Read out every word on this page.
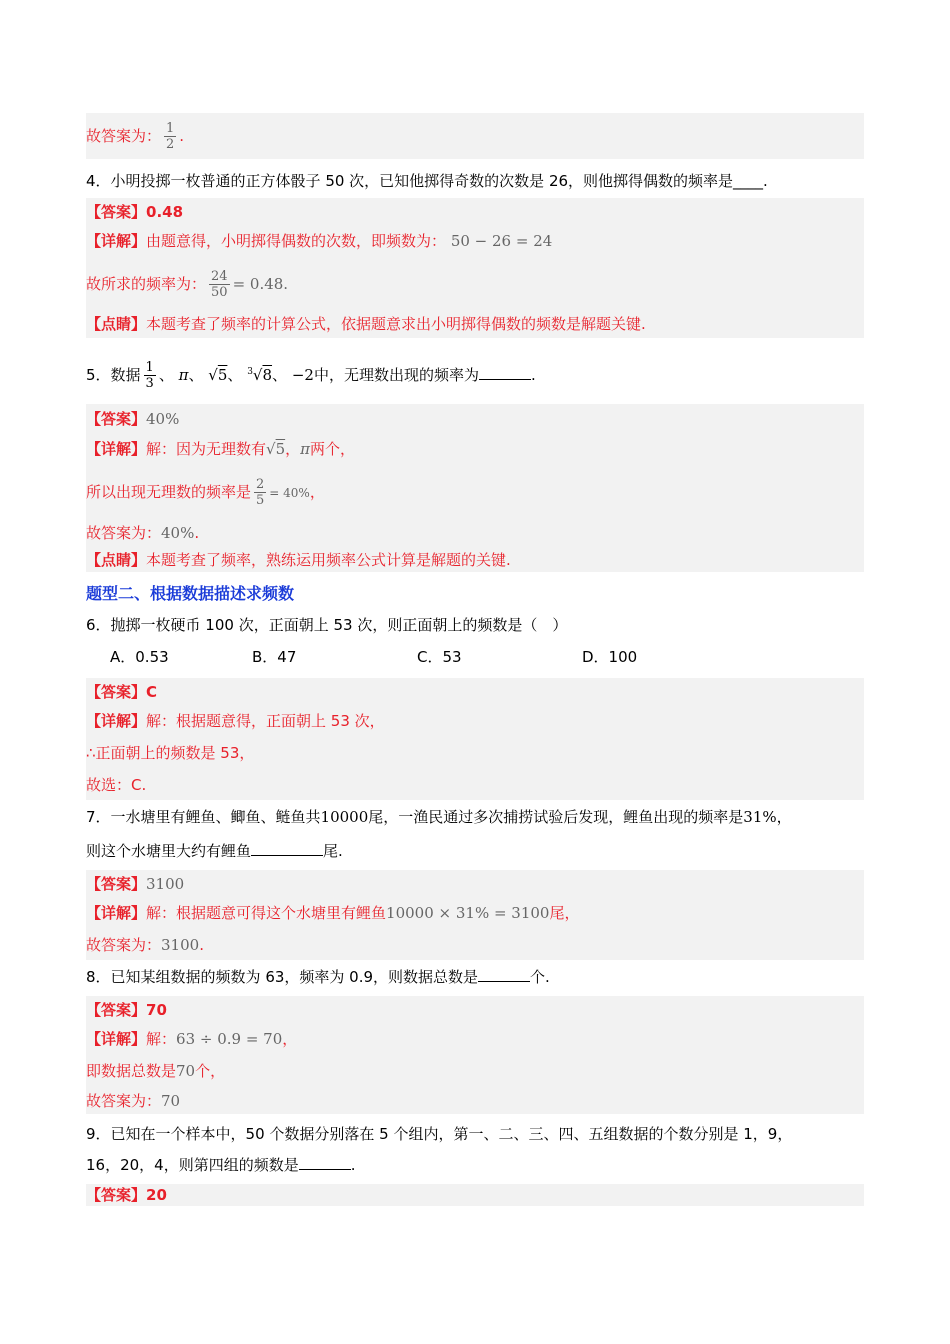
故答案为： $\frac{1}{2}$ .
4．小明投掷一枚普通的正方体骰子 50 次，已知他掷得奇数的次数是 26，则他掷得偶数的频率是____.
【答案】0.48
【详解】由题意得，小明掷得偶数的次数，即频数为： 50 − 26 = 24
故所求的频率为： $\frac{24}{50} = 0.48$.
【点睛】本题考查了频率的计算公式，依据题意求出小明掷得偶数的频数是解题关键.
5．数据 $\frac{1}{3}$ 、 π、 √5、 $^3$√8、 −2中，无理数出现的频率为	.
【答案】40%
【详解】解：因为无理数有√5，π两个，
所以出现无理数的频率是 $\frac{2}{5} = 40\%$，
故答案为：40%.
【点睛】本题考查了频率，熟练运用频率公式计算是解题的关键.
题型二、根据数据描述求频数
6．抛掷一枚硬币 100 次，正面朝上 53 次，则正面朝上的频数是（　）
A．0.53	B．47	C．53	D．100
【答案】C
【详解】解：根据题意得，正面朝上 53 次，
∴正面朝上的频数是 53，
故选：C.
7．一水塘里有鲤鱼、鲫鱼、鲢鱼共10000尾，一渔民通过多次捕捞试验后发现，鲤鱼出现的频率是31%，
则这个水塘里大约有鲤鱼	尾.
【答案】3100
【详解】解：根据题意可得这个水塘里有鲤鱼10000 × 31% = 3100尾，
故答案为：3100.
8．已知某组数据的频数为 63，频率为 0.9，则数据总数是	个.
【答案】70
【详解】解：63 ÷ 0.9 = 70，
即数据总数是70个，
故答案为：70
9．已知在一个样本中，50 个数据分别落在 5 个组内，第一、二、三、四、五组数据的个数分别是 1，9，
16，20，4，则第四组的频数是	.
【答案】20
